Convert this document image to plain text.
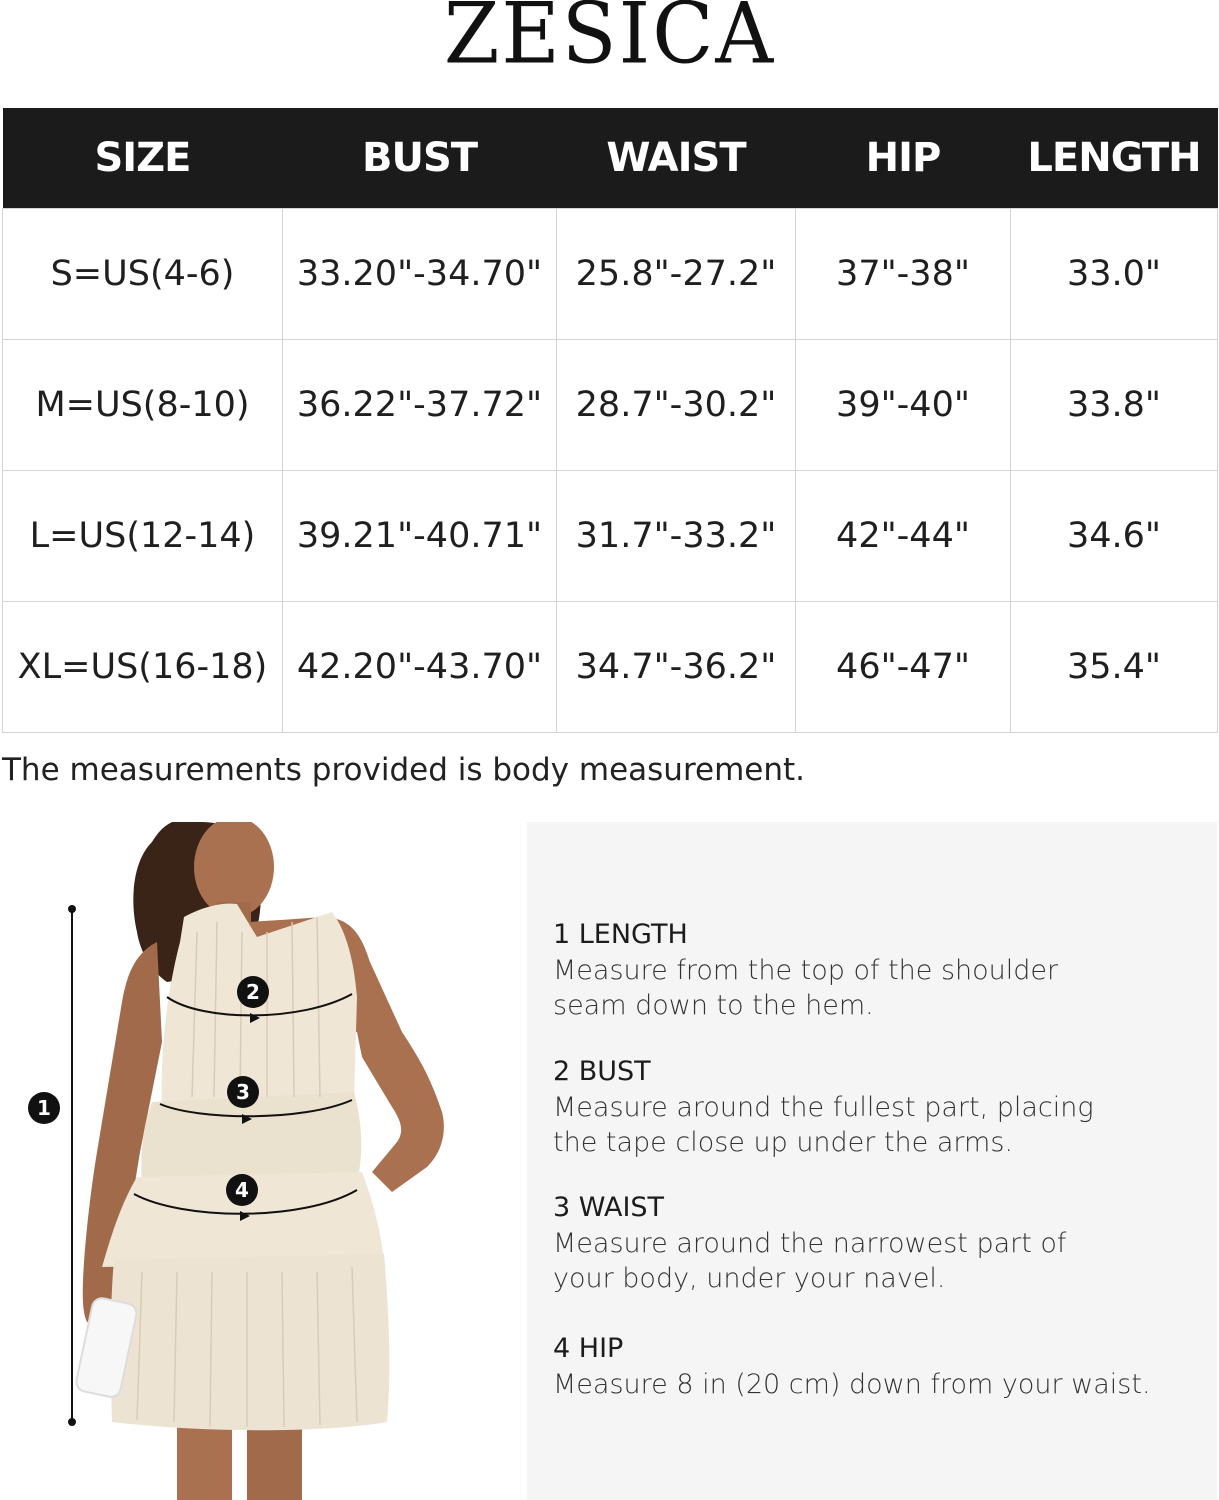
ZESICA
SIZE	BUST	WAIST	HIP	LENGTH
S=US(4-6)	33.20"-34.70"	25.8"-27.2"	37"-38"	33.0"
M=US(8-10)	36.22"-37.72"	28.7"-30.2"	39"-40"	33.8"
L=US(12-14)	39.21"-40.71"	31.7"-33.2"	42"-44"	34.6"
XL=US(16-18)	42.20"-43.70"	34.7"-36.2"	46"-47"	35.4"
The measurements provided is body measurement.
1
2
3
4
1 LENGTH
Measure from the top of the shoulder
seam down to the hem.
2 BUST
Measure around the fullest part, placing
the tape close up under the arms.
3 WAIST
Measure around the narrowest part of
your body, under your navel.
4 HIP
Measure 8 in (20 cm) down from your waist.
